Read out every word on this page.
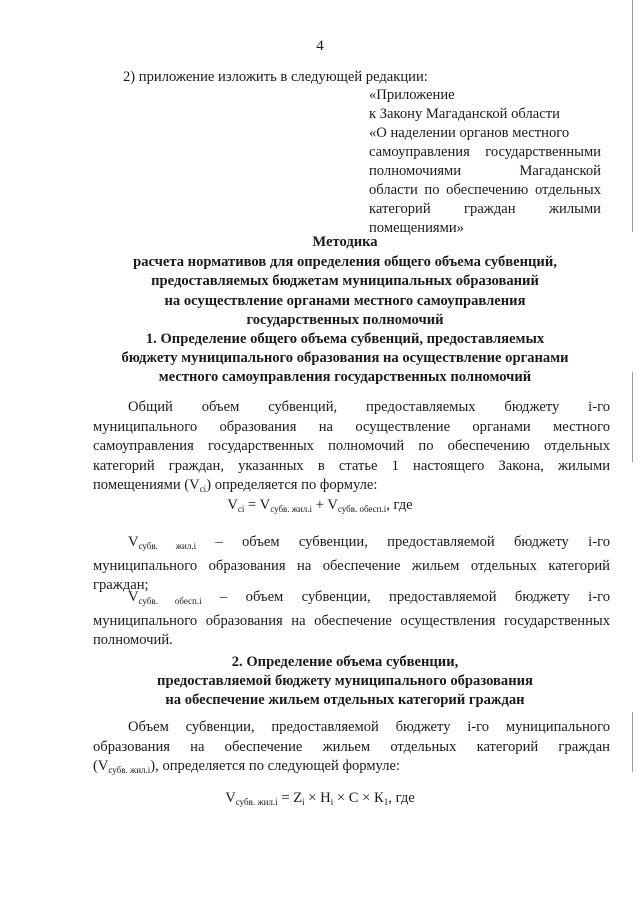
4
2) приложение изложить в следующей редакции:
«Приложение
к Закону Магаданской области
«О наделении органов местного
самоуправления государственными
полномочиями Магаданской
области по обеспечению отдельных
категорий граждан жилыми
помещениями»
Методика
расчета нормативов для определения общего объема субвенций,
предоставляемых бюджетам муниципальных образований
на осуществление органами местного самоуправления
государственных полномочий
1. Определение общего объема субвенций, предоставляемых
бюджету муниципального образования на осуществление органами
местного самоуправления государственных полномочий
Общий объем субвенций, предоставляемых бюджету i-го
муниципального образования на осуществление органами местного
самоуправления государственных полномочий по обеспечению отдельных
категорий граждан, указанных в статье 1 настоящего Закона, жилыми
помещениями $(V_{ci})$ определяется по формуле:
$V_{ci} = V_{субв. жил.i} + V_{субв. обесп.i}$, где
$V_{субв. жил.i}$ – объем субвенции, предоставляемой бюджету i-го
муниципального образования на обеспечение жильем отдельных категорий
граждан;
$V_{субв. обесп.i}$ – объем субвенции, предоставляемой бюджету i-го
муниципального образования на обеспечение осуществления государственных
полномочий.
2. Определение объема субвенции,
предоставляемой бюджету муниципального образования
на обеспечение жильем отдельных категорий граждан
Объем субвенции, предоставляемой бюджету i-го муниципального
образования на обеспечение жильем отдельных категорий граждан
$(V_{субв. жил.i})$, определяется по следующей формуле:
$V_{субв. жил.i} = Z_i \times H_i \times С \times К_1$, где
